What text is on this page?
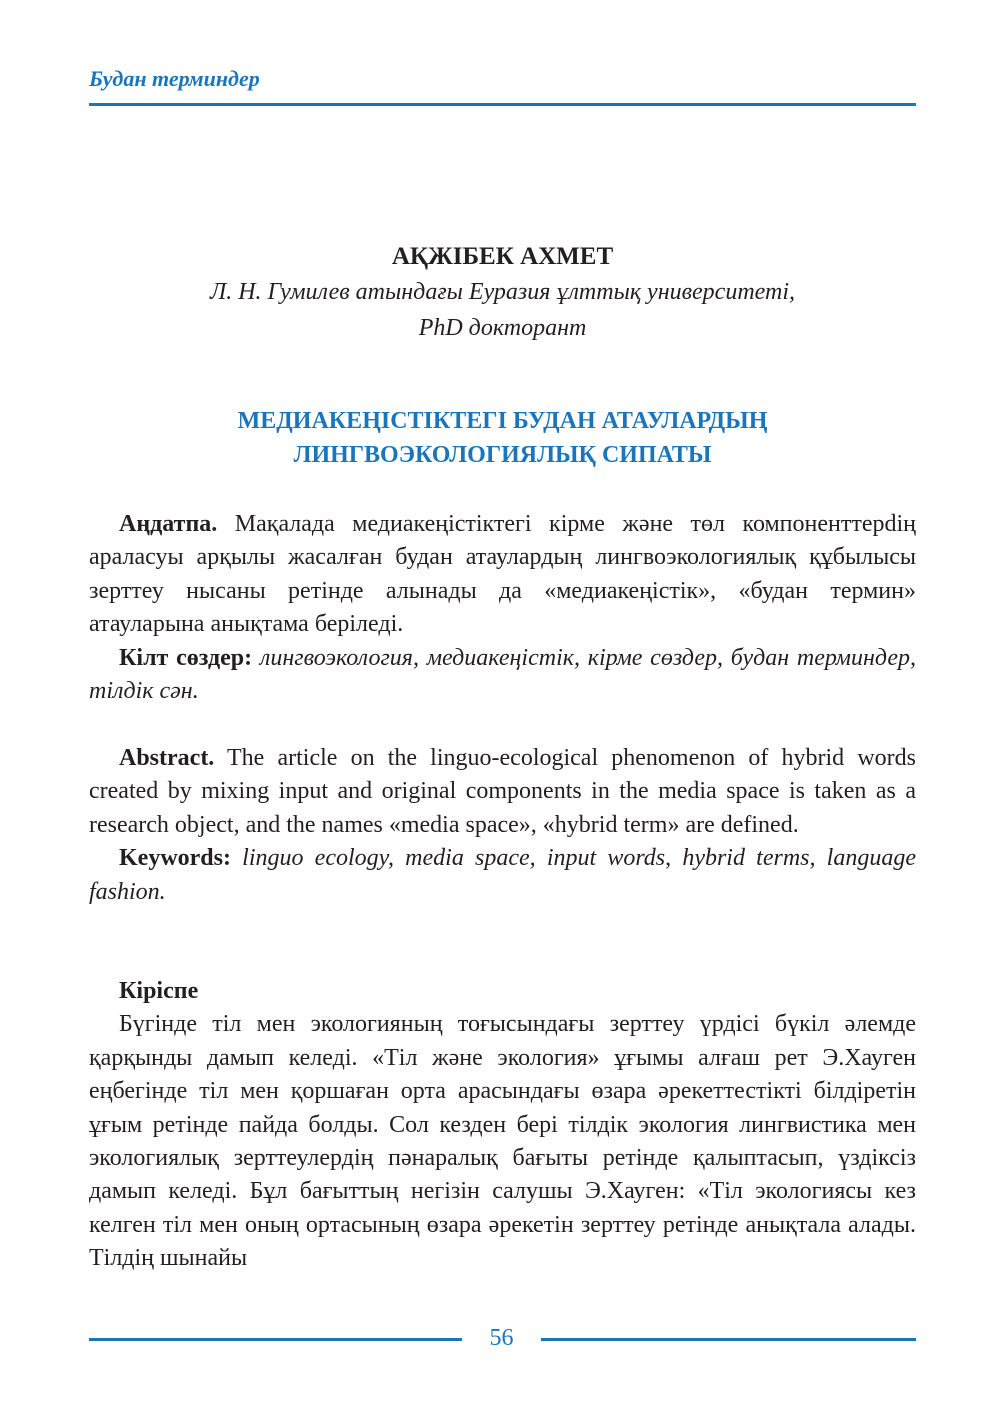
Будан терминдер
АҚЖІБЕК АХМЕТ
Л. Н. Гумилев атындағы Еуразия ұлттық университеті,
PhD докторант
МЕДИАКЕҢІСТІКТЕГІ БУДАН АТАУЛАРДЫҢ
ЛИНГВОЭКОЛОГИЯЛЫҚ СИПАТЫ

Аңдатпа. Мақалада медиакеңістіктегі кірме және төл компоненттерdің араласуы арқылы жасалған будан атаулардың лингвоэкологиялық құбылысы зерттеу нысаны ретінде алынады да «медиакеңістік», «будан термин» атауларына анықтама беріледі.

Кілт сөздер: лингвоэкология, медиакеңістік, кірме сөздер, будан терминдер, тілдік сән.

Abstract. The article on the linguo-ecological phenomenon of hybrid words created by mixing input and original components in the media space is taken as a research object, and the names «media space», «hybrid term» are defined.

Keywords: linguo ecology, media space, input words, hybrid terms, language fashion.

Кіріспе

Бүгінде тіл мен экологияның тоғысындағы зерттеу үрдісі бүкіл әлемде қарқынды дамып келеді. «Тіл және экология» ұғымы алғаш рет Э.Хауген еңбегінде тіл мен қоршаған орта арасындағы өзара әрекеттестікті білдіретін ұғым ретінде пайда болды. Сол кезден бері тілдік экология лингвистика мен экологиялық зерттеулердің пәнаралық бағыты ретінде қалыптасып, үздіксіз дамып келеді. Бұл бағыттың негізін салушы Э.Хауген: «Тіл экологиясы кез келген тіл мен оның ортасының өзара әрекетін зерттеу ретінде анықтала алады. Тілдің шынайы

56
